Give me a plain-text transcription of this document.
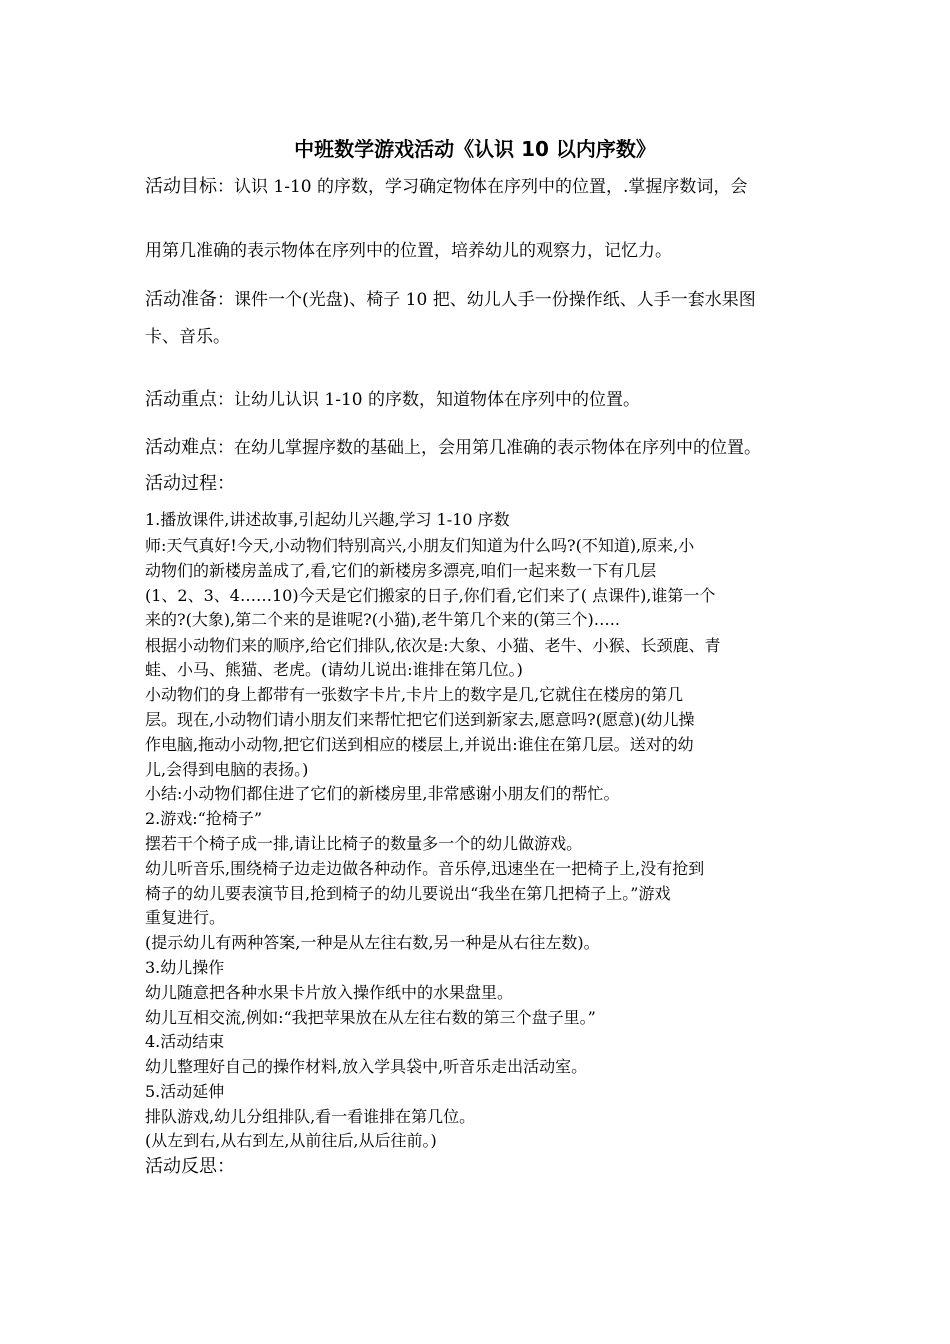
中班数学游戏活动《认识 10 以内序数》
活动目标：认识 1-10 的序数，学习确定物体在序列中的位置，.掌握序数词，会
用第几准确的表示物体在序列中的位置，培养幼儿的观察力，记忆力。
活动准备：课件一个(光盘)、椅子 10 把、幼儿人手一份操作纸、人手一套水果图
卡、音乐。
活动重点：让幼儿认识 1-10 的序数，知道物体在序列中的位置。
活动难点：在幼儿掌握序数的基础上，会用第几准确的表示物体在序列中的位置。
活动过程：
1.播放课件,讲述故事,引起幼儿兴趣,学习 1-10 序数
师:天气真好!今天,小动物们特别高兴,小朋友们知道为什么吗?(不知道),原来,小
动物们的新楼房盖成了,看,它们的新楼房多漂亮,咱们一起来数一下有几层
(1、2、3、4……10)今天是它们搬家的日子,你们看,它们来了( 点课件),谁第一个
来的?(大象),第二个来的是谁呢?(小猫),老牛第几个来的(第三个)…..
根据小动物们来的顺序,给它们排队,依次是:大象、小猫、老牛、小猴、长颈鹿、青
蛙、小马、熊猫、老虎。(请幼儿说出:谁排在第几位。)
小动物们的身上都带有一张数字卡片,卡片上的数字是几,它就住在楼房的第几
层。现在,小动物们请小朋友们来帮忙把它们送到新家去,愿意吗?(愿意)(幼儿操
作电脑,拖动小动物,把它们送到相应的楼层上,并说出:谁住在第几层。送对的幼
儿,会得到电脑的表扬。)
小结:小动物们都住进了它们的新楼房里,非常感谢小朋友们的帮忙。
2.游戏:“抢椅子”
摆若干个椅子成一排,请让比椅子的数量多一个的幼儿做游戏。
幼儿听音乐,围绕椅子边走边做各种动作。音乐停,迅速坐在一把椅子上,没有抢到
椅子的幼儿要表演节目,抢到椅子的幼儿要说出“我坐在第几把椅子上。”游戏
重复进行。
(提示幼儿有两种答案,一种是从左往右数,另一种是从右往左数)。
3.幼儿操作
幼儿随意把各种水果卡片放入操作纸中的水果盘里。
幼儿互相交流,例如:“我把苹果放在从左往右数的第三个盘子里。”
4.活动结束
幼儿整理好自己的操作材料,放入学具袋中,听音乐走出活动室。
5.活动延伸
排队游戏,幼儿分组排队,看一看谁排在第几位。
(从左到右,从右到左,从前往后,从后往前。)
活动反思：
